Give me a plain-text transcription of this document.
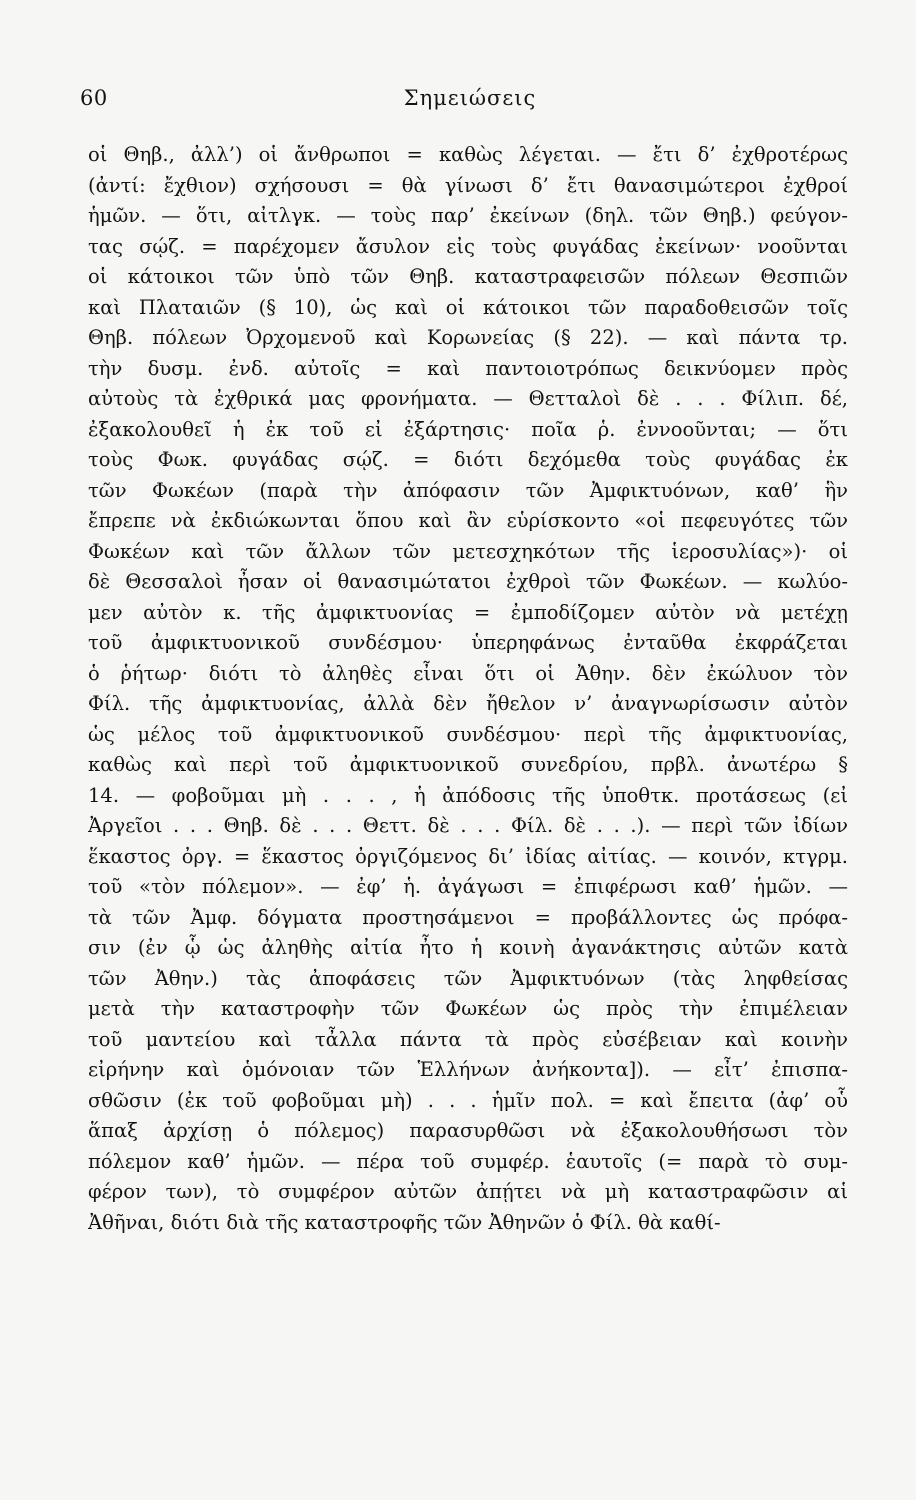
60	Σημειώσεις
οἱ Θηβ., ἀλλ’) οἱ ἄνθρωποι = καθὼς λέγεται. — ἔτι δ’ ἐχθροτέρως
(ἀντί: ἔχθιον) σχήσουσι = θὰ γίνωσι δ’ ἔτι θανασιμώτεροι ἐχθροί
ἡμῶν. — ὅτι, αἰτλγκ. — τοὺς παρ’ ἐκείνων (δηλ. τῶν Θηβ.) φεύγον-
τας σῴζ. = παρέχομεν ἄσυλον εἰς τοὺς φυγάδας ἐκείνων· νοοῦνται
οἱ κάτοικοι τῶν ὑπὸ τῶν Θηβ. καταστραφεισῶν πόλεων Θεσπιῶν
καὶ Πλαταιῶν (§ 10), ὡς καὶ οἱ κάτοικοι τῶν παραδοθεισῶν τοῖς
Θηβ. πόλεων Ὀρχομενοῦ καὶ Κορωνείας (§ 22). — καὶ πάντα τρ.
τὴν δυσμ. ἐνδ. αὐτοῖς = καὶ παντοιοτρόπως δεικνύομεν πρὸς
αὐτοὺς τὰ ἐχθρικά μας φρονήματα. — Θετταλοὶ δὲ . . . Φίλιπ. δέ,
ἐξακολουθεῖ ἡ ἐκ τοῦ εἰ ἐξάρτησις· ποῖα ῥ. ἐννοοῦνται; — ὅτι
τοὺς Φωκ. φυγάδας σῴζ. = διότι δεχόμεθα τοὺς φυγάδας ἐκ
τῶν Φωκέων (παρὰ τὴν ἀπόφασιν τῶν Ἀμφικτυόνων, καθ’ ἣν
ἔπρεπε νὰ ἐκδιώκωνται ὅπου καὶ ἂν εὑρίσκοντο «οἱ πεφευγότες τῶν
Φωκέων καὶ τῶν ἄλλων τῶν μετεσχηκότων τῆς ἱεροσυλίας»)· οἱ
δὲ Θεσσαλοὶ ἦσαν οἱ θανασιμώτατοι ἐχθροὶ τῶν Φωκέων. — κωλύο-
μεν αὐτὸν κ. τῆς ἀμφικτυονίας = ἐμποδίζομεν αὐτὸν νὰ μετέχῃ
τοῦ ἀμφικτυονικοῦ συνδέσμου· ὑπερηφάνως ἐνταῦθα ἐκφράζεται
ὁ ῥήτωρ· διότι τὸ ἀληθὲς εἶναι ὅτι οἱ Ἀθην. δὲν ἐκώλυον τὸν
Φίλ. τῆς ἀμφικτυονίας, ἀλλὰ δὲν ἤθελον ν’ ἀναγνωρίσωσιν αὐτὸν
ὡς μέλος τοῦ ἀμφικτυονικοῦ συνδέσμου· περὶ τῆς ἀμφικτυονίας,
καθὼς καὶ περὶ τοῦ ἀμφικτυονικοῦ συνεδρίου, πρβλ. ἀνωτέρω §
14. — φοβοῦμαι μὴ . . . , ἡ ἀπόδοσις τῆς ὑποθτκ. προτάσεως (εἰ
Ἀργεῖοι . . . Θηβ. δὲ . . . Θεττ. δὲ . . . Φίλ. δὲ . . .). — περὶ τῶν ἰδίων
ἕκαστος ὀργ. = ἕκαστος ὀργιζόμενος δι’ ἰδίας αἰτίας. — κοινόν, κτγρμ.
τοῦ «τὸν πόλεμον». — ἐφ’ ἡ. ἀγάγωσι = ἐπιφέρωσι καθ’ ἡμῶν. —
τὰ τῶν Ἀμφ. δόγματα προστησάμενοι = προβάλλοντες ὡς πρόφα-
σιν (ἐν ᾧ ὡς ἀληθὴς αἰτία ἦτο ἡ κοινὴ ἀγανάκτησις αὐτῶν κατὰ
τῶν Ἀθην.) τὰς ἀποφάσεις τῶν Ἀμφικτυόνων (τὰς ληφθείσας
μετὰ τὴν καταστροφὴν τῶν Φωκέων ὡς πρὸς τὴν ἐπιμέλειαν
τοῦ μαντείου καὶ τἆλλα πάντα τὰ πρὸς εὐσέβειαν καὶ κοινὴν
εἰρήνην καὶ ὁμόνοιαν τῶν Ἑλλήνων ἀνήκοντα]). — εἶτ’ ἐπισπα-
σθῶσιν (ἐκ τοῦ φοβοῦμαι μὴ) . . . ἡμῖν πολ. = καὶ ἔπειτα (ἀφ’ οὗ
ἅπαξ ἀρχίσῃ ὁ πόλεμος) παρασυρθῶσι νὰ ἐξακολουθήσωσι τὸν
πόλεμον καθ’ ἡμῶν. — πέρα τοῦ συμφέρ. ἑαυτοῖς (= παρὰ τὸ συμ-
φέρον των), τὸ συμφέρον αὐτῶν ἀπῄτει νὰ μὴ καταστραφῶσιν αἱ
Ἀθῆναι, διότι διὰ τῆς καταστροφῆς τῶν Ἀθηνῶν ὁ Φίλ. θὰ καθί-
